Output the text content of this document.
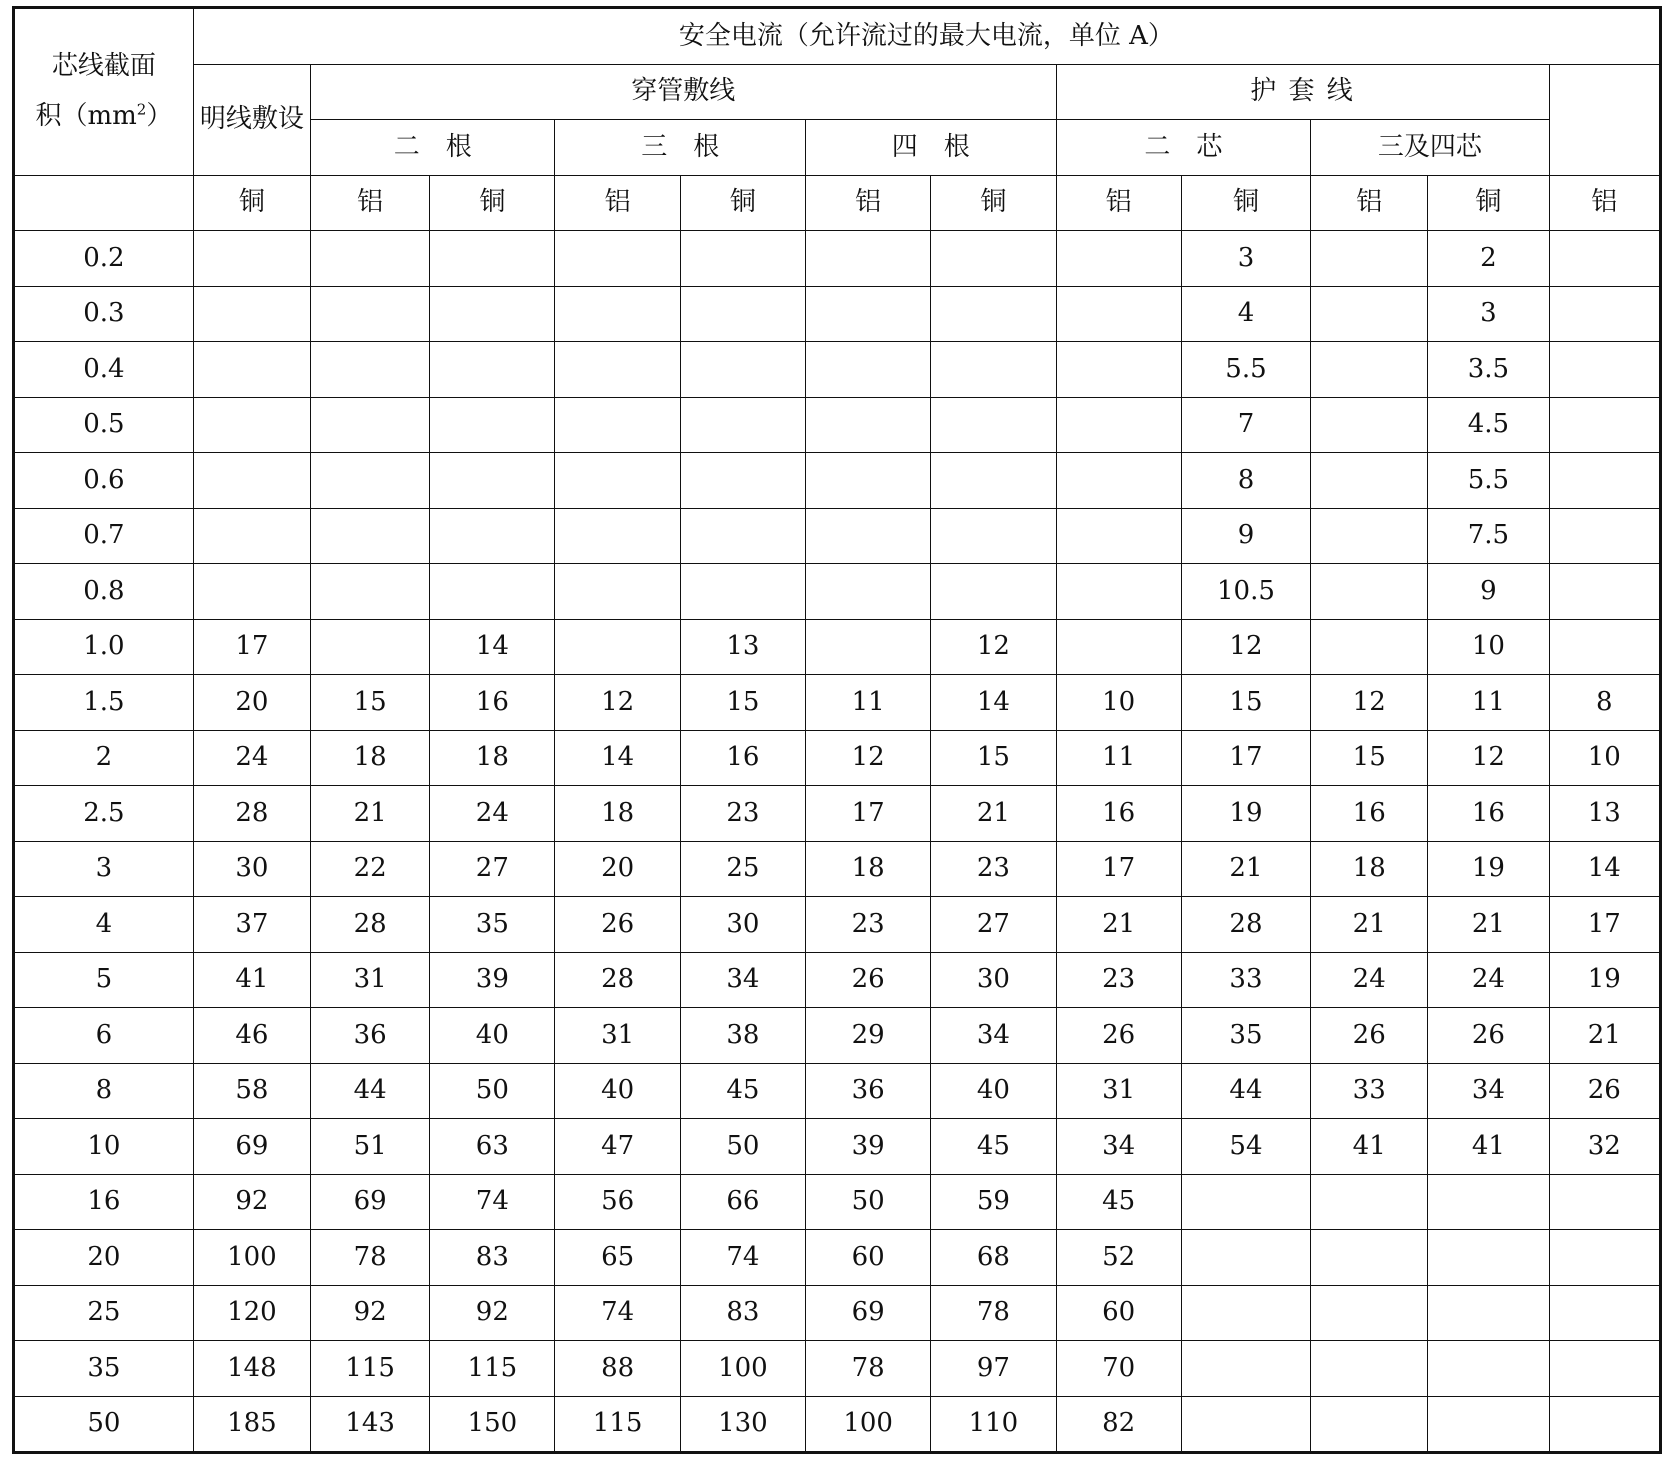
芯线截面
积$(mm^2)$	安全电流（允许流过的最大电流，单位 A）											
	明线敷设	穿管敷线						护 套 线				
		二　根		三　根		四　根		二　芯		三及四芯		
	铜	铝	铜	铝	铜	铝	铜	铝	铜	铝	铜	铝
0.2									3		2	
0.3									4		3	
0.4									5.5		3.5	
0.5									7		4.5	
0.6									8		5.5	
0.7									9		7.5	
0.8									10.5		9	
1.0	17		14		13		12		12		10	
1.5	20	15	16	12	15	11	14	10	15	12	11	8
2	24	18	18	14	16	12	15	11	17	15	12	10
2.5	28	21	24	18	23	17	21	16	19	16	16	13
3	30	22	27	20	25	18	23	17	21	18	19	14
4	37	28	35	26	30	23	27	21	28	21	21	17
5	41	31	39	28	34	26	30	23	33	24	24	19
6	46	36	40	31	38	29	34	26	35	26	26	21
8	58	44	50	40	45	36	40	31	44	33	34	26
10	69	51	63	47	50	39	45	34	54	41	41	32
16	92	69	74	56	66	50	59	45				
20	100	78	83	65	74	60	68	52				
25	120	92	92	74	83	69	78	60				
35	148	115	115	88	100	78	97	70				
50	185	143	150	115	130	100	110	82				
